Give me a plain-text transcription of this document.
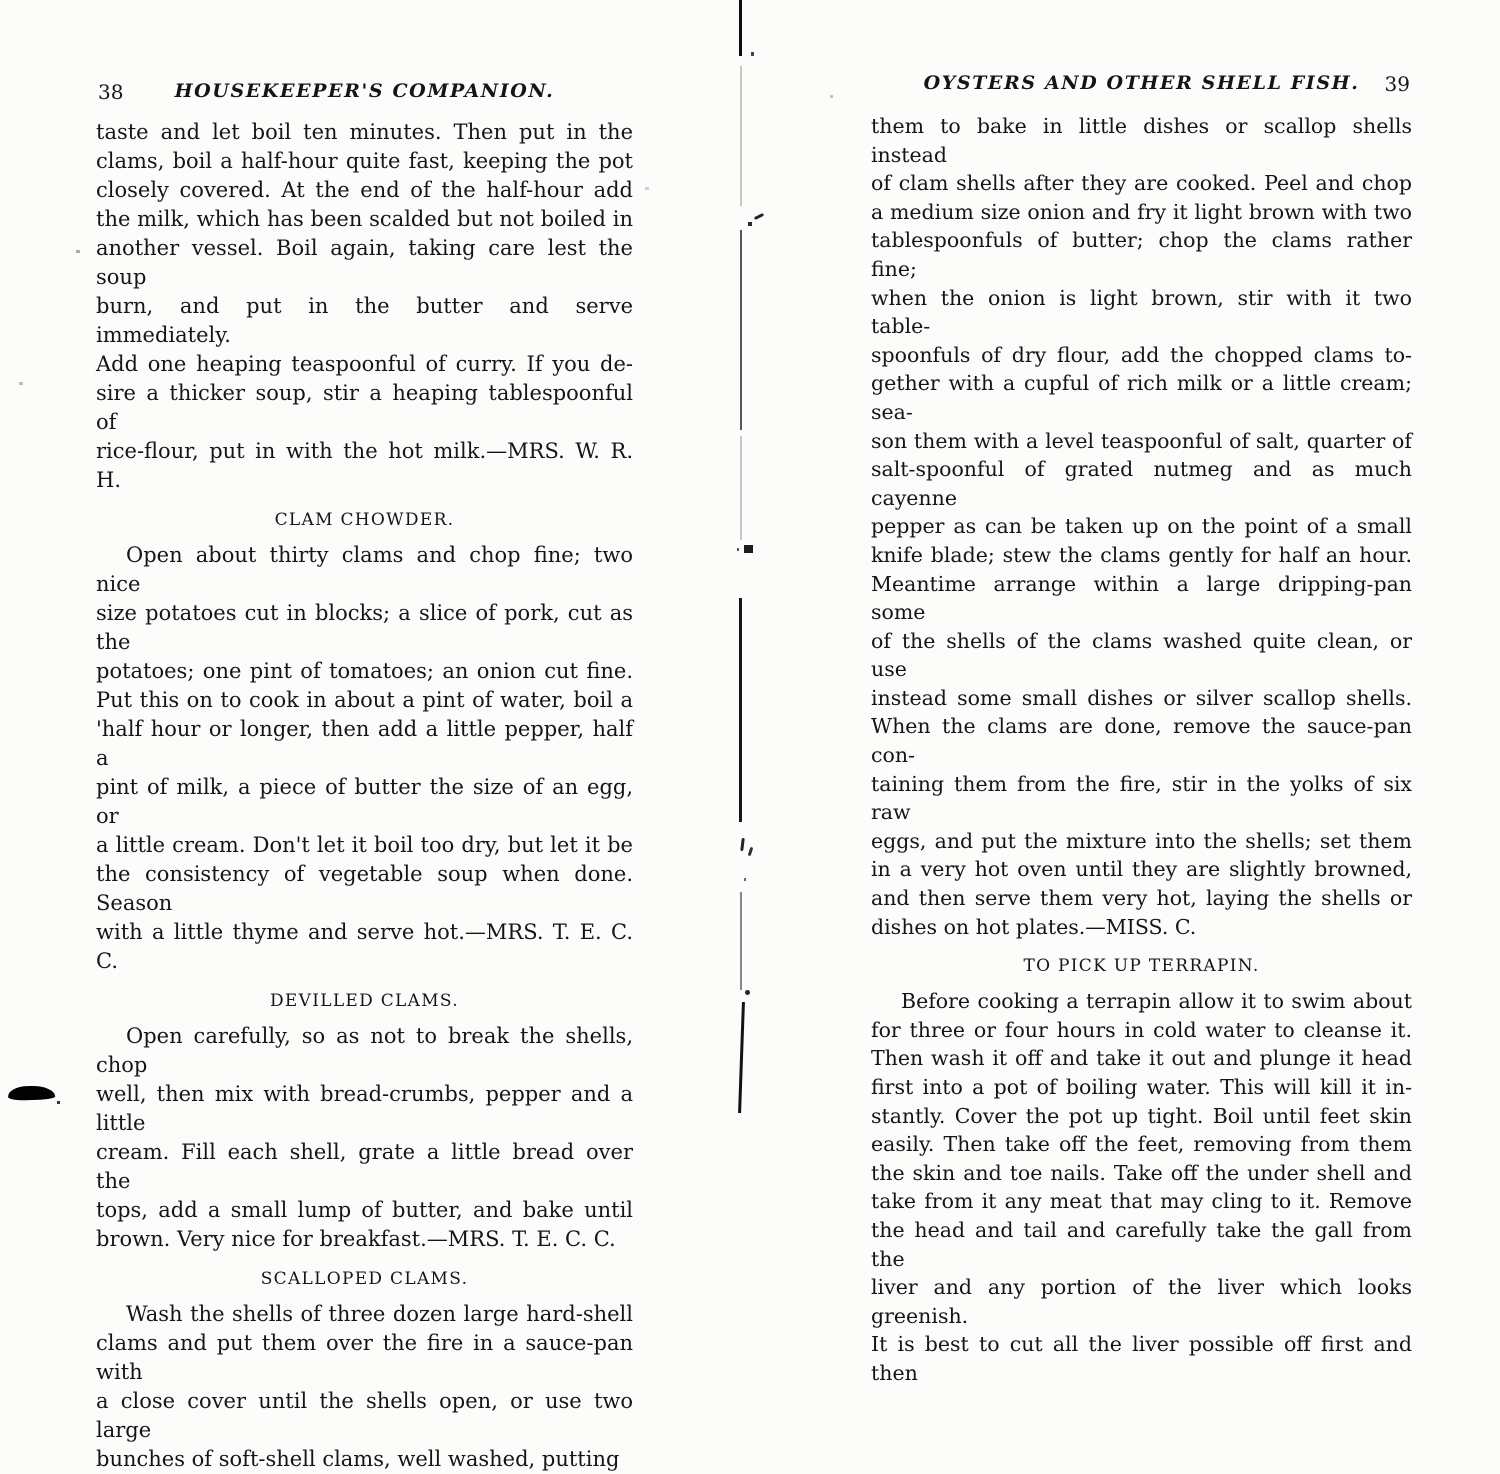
38	HOUSEKEEPER'S COMPANION.
taste and let boil ten minutes. Then put in the
clams, boil a half-hour quite fast, keeping the pot
closely covered. At the end of the half-hour add
the milk, which has been scalded but not boiled in
another vessel. Boil again, taking care lest the soup
burn, and put in the butter and serve immediately.
Add one heaping teaspoonful of curry. If you de-
sire a thicker soup, stir a heaping tablespoonful of
rice-flour, put in with the hot milk.—MRS. W. R. H.
CLAM CHOWDER.
Open about thirty clams and chop fine; two nice
size potatoes cut in blocks; a slice of pork, cut as the
potatoes; one pint of tomatoes; an onion cut fine.
Put this on to cook in about a pint of water, boil a
'half hour or longer, then add a little pepper, half a
pint of milk, a piece of butter the size of an egg, or
a little cream. Don't let it boil too dry, but let it be
the consistency of vegetable soup when done. Season
with a little thyme and serve hot.—MRS. T. E. C. C.
DEVILLED CLAMS.
Open carefully, so as not to break the shells, chop
well, then mix with bread-crumbs, pepper and a little
cream. Fill each shell, grate a little bread over the
tops, add a small lump of butter, and bake until
brown. Very nice for breakfast.—MRS. T. E. C. C.
SCALLOPED CLAMS.
Wash the shells of three dozen large hard-shell
clams and put them over the fire in a sauce-pan with
a close cover until the shells open, or use two large
bunches of soft-shell clams, well washed, putting
OYSTERS AND OTHER SHELL FISH.	39
them to bake in little dishes or scallop shells instead
of clam shells after they are cooked. Peel and chop
a medium size onion and fry it light brown with two
tablespoonfuls of butter; chop the clams rather fine;
when the onion is light brown, stir with it two table-
spoonfuls of dry flour, add the chopped clams to-
gether with a cupful of rich milk or a little cream; sea-
son them with a level teaspoonful of salt, quarter of
salt-spoonful of grated nutmeg and as much cayenne
pepper as can be taken up on the point of a small
knife blade; stew the clams gently for half an hour.
Meantime arrange within a large dripping-pan some
of the shells of the clams washed quite clean, or use
instead some small dishes or silver scallop shells.
When the clams are done, remove the sauce-pan con-
taining them from the fire, stir in the yolks of six raw
eggs, and put the mixture into the shells; set them
in a very hot oven until they are slightly browned,
and then serve them very hot, laying the shells or
dishes on hot plates.—MISS. C.
TO PICK UP TERRAPIN.
Before cooking a terrapin allow it to swim about
for three or four hours in cold water to cleanse it.
Then wash it off and take it out and plunge it head
first into a pot of boiling water. This will kill it in-
stantly. Cover the pot up tight. Boil until feet skin
easily. Then take off the feet, removing from them
the skin and toe nails. Take off the under shell and
take from it any meat that may cling to it. Remove
the head and tail and carefully take the gall from the
liver and any portion of the liver which looks greenish.
It is best to cut all the liver possible off first and then
